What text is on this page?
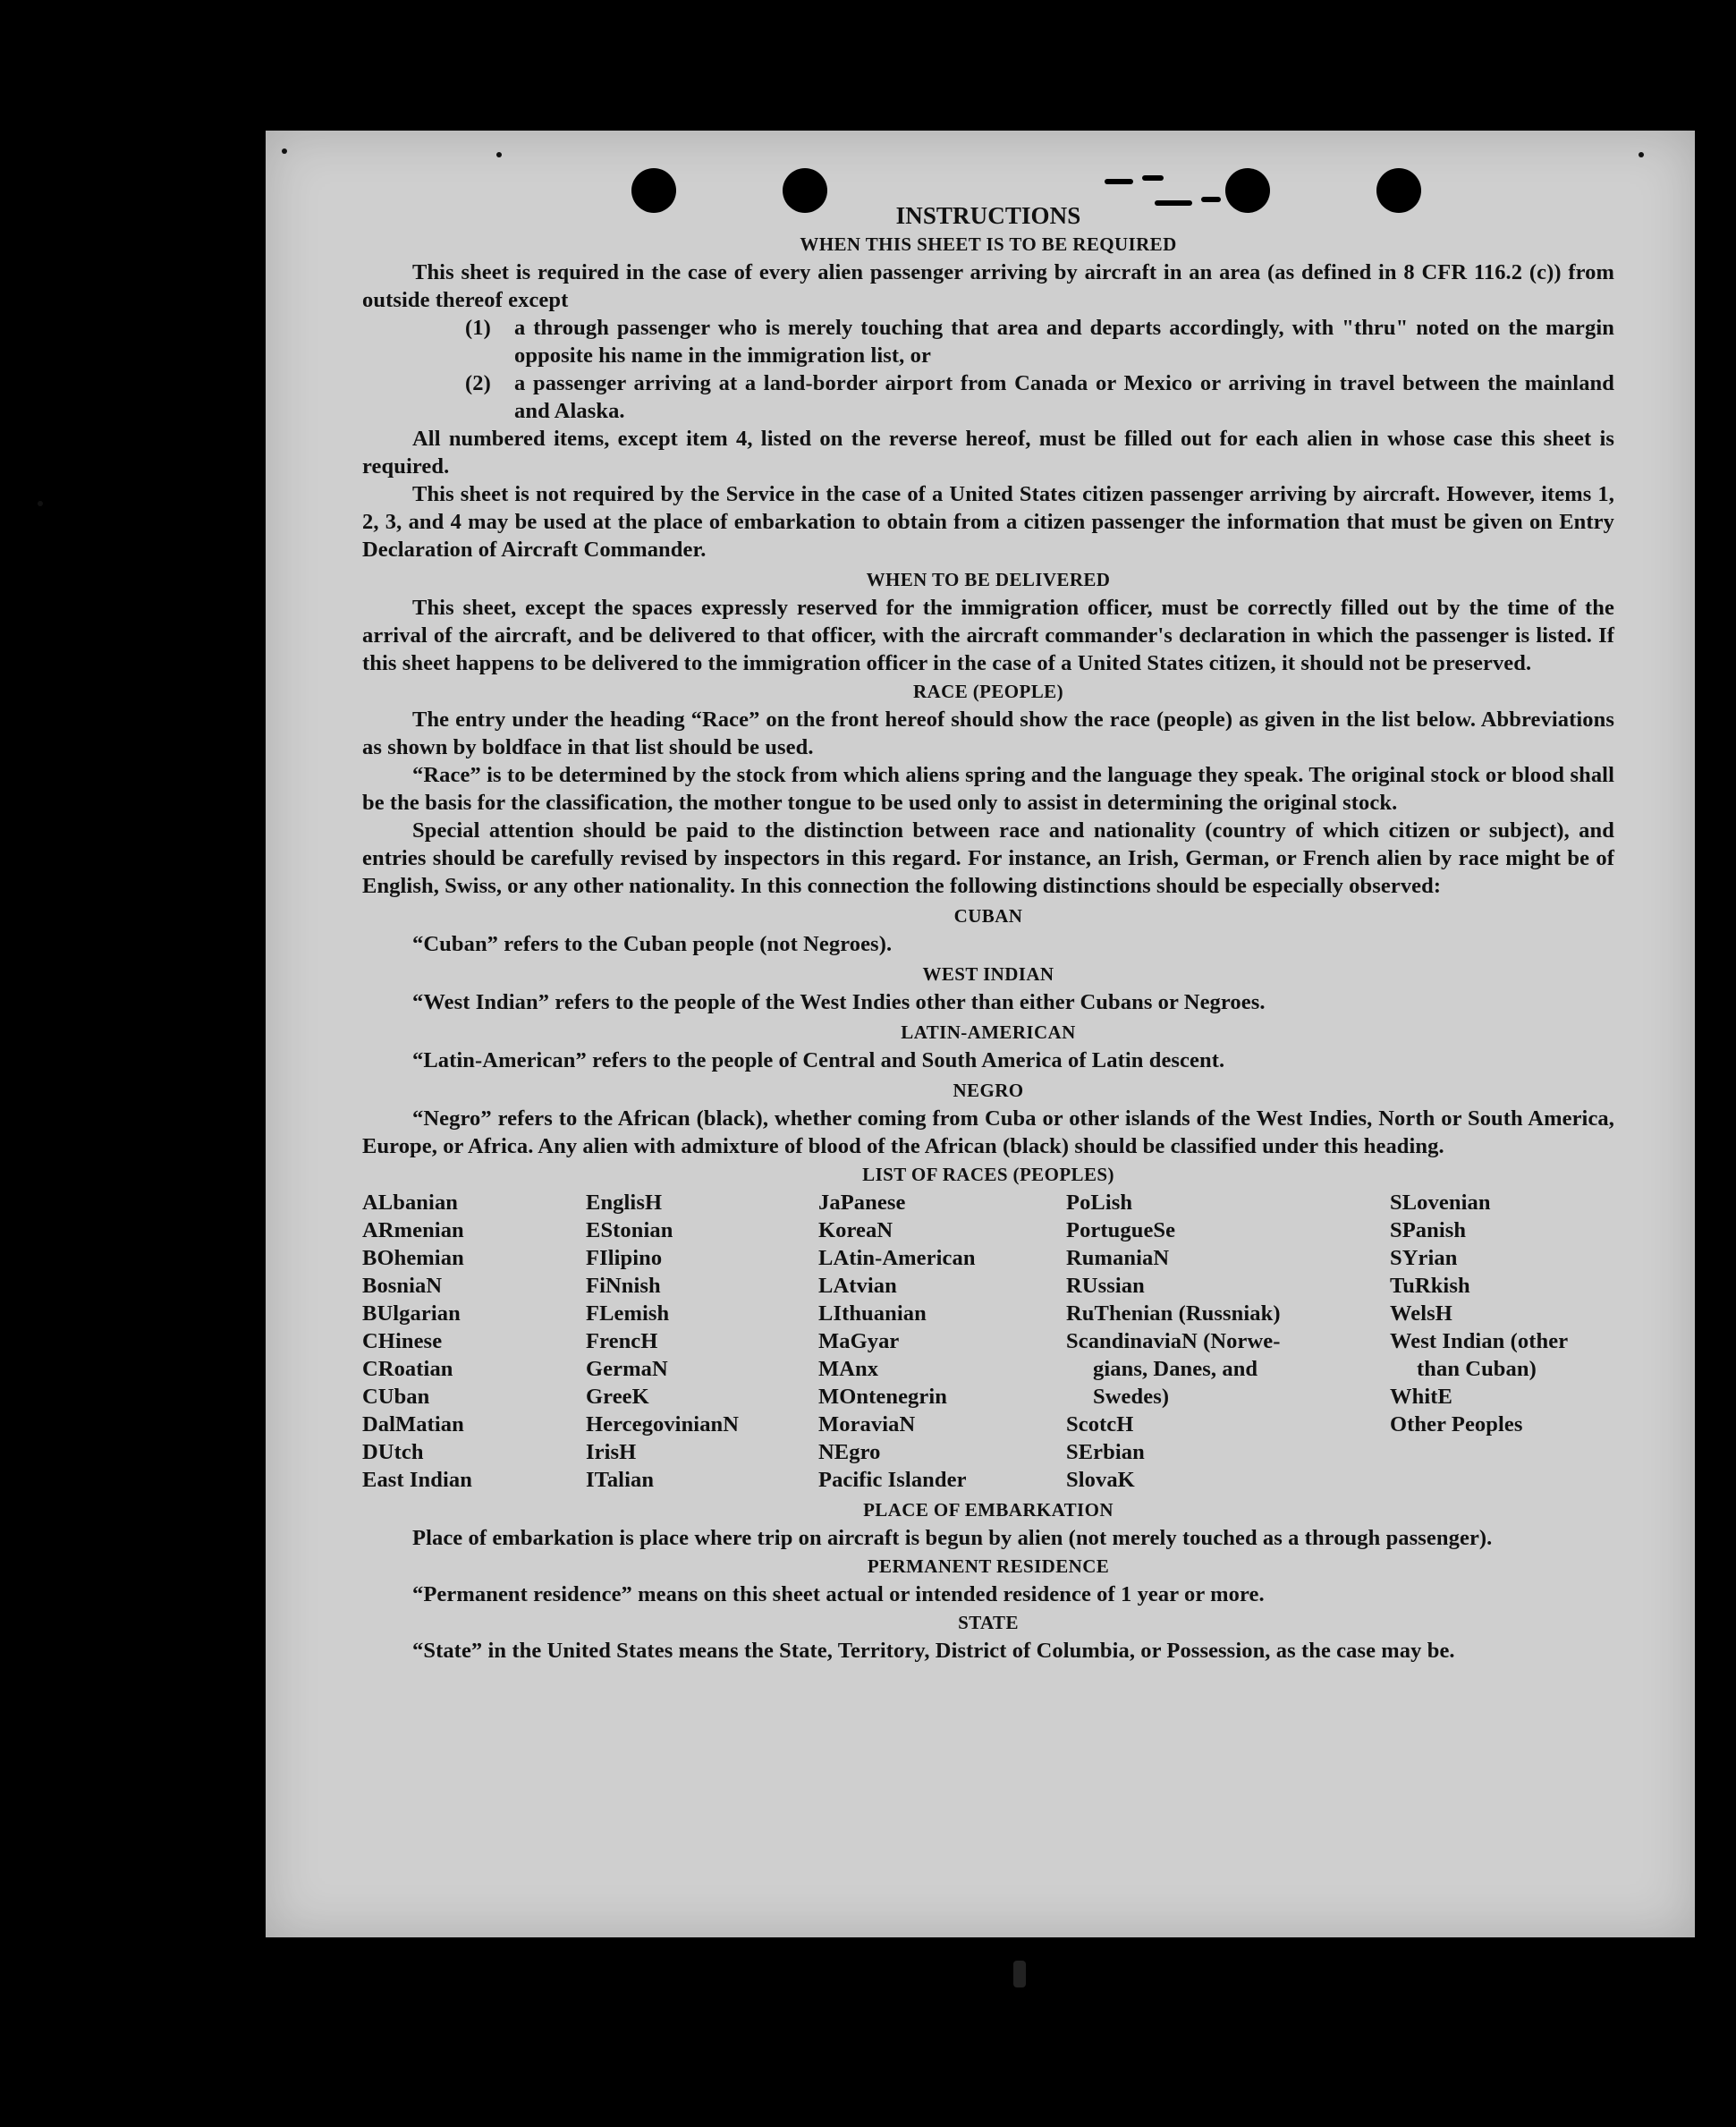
INSTRUCTIONS
WHEN THIS SHEET IS TO BE REQUIRED

This sheet is required in the case of every alien passenger arriving by aircraft in an area (as defined in 8 CFR 116.2 (c)) from outside thereof except

(1)	a through passenger who is merely touching that area and departs accordingly, with "thru" noted on the margin opposite his name in the immigration list, or
(2)	a passenger arriving at a land-border airport from Canada or Mexico or arriving in travel between the mainland and Alaska.

All numbered items, except item 4, listed on the reverse hereof, must be filled out for each alien in whose case this sheet is required.

This sheet is not required by the Service in the case of a United States citizen passenger arriving by aircraft. However, items 1, 2, 3, and 4 may be used at the place of embarkation to obtain from a citizen passenger the information that must be given on Entry Declaration of Aircraft Commander.

WHEN TO BE DELIVERED

This sheet, except the spaces expressly reserved for the immigration officer, must be correctly filled out by the time of the arrival of the aircraft, and be delivered to that officer, with the aircraft commander's declaration in which the passenger is listed. If this sheet happens to be delivered to the immigration officer in the case of a United States citizen, it should not be preserved.

RACE (PEOPLE)

The entry under the heading “Race” on the front hereof should show the race (people) as given in the list below. Abbreviations as shown by boldface in that list should be used.

“Race” is to be determined by the stock from which aliens spring and the language they speak. The original stock or blood shall be the basis for the classification, the mother tongue to be used only to assist in determining the original stock.

Special attention should be paid to the distinction between race and nationality (country of which citizen or subject), and entries should be carefully revised by inspectors in this regard. For instance, an Irish, German, or French alien by race might be of English, Swiss, or any other nationality. In this connection the following distinctions should be especially observed:

CUBAN

“Cuban” refers to the Cuban people (not Negroes).

WEST INDIAN

“West Indian” refers to the people of the West Indies other than either Cubans or Negroes.

LATIN-AMERICAN

“Latin-American” refers to the people of Central and South America of Latin descent.

NEGRO

“Negro” refers to the African (black), whether coming from Cuba or other islands of the West Indies, North or South America, Europe, or Africa. Any alien with admixture of blood of the African (black) should be classified under this heading.

LIST OF RACES (PEOPLES)
ALbanian
ARmenian
BOhemian
BosniaN
BUlgarian
CHinese
CRoatian
CUban
DalMatian
DUtch
East Indian
EnglisH
EStonian
FIlipino
FiNnish
FLemish
FrencH
GermaN
GreeK
HercegovinianN
IrisH
ITalian
JaPanese
KoreaN
LAtin-American
LAtvian
LIthuanian
MaGyar
MAnx
MOntenegrin
MoraviaN
NEgro
Pacific Islander
PoLish
PortugueSe
RumaniaN
RUssian
RuThenian (Russniak)
ScandinaviaN (Norwe-
gians, Danes, and
Swedes)
ScotcH
SErbian
SlovaK
SLovenian
SPanish
SYrian
TuRkish
WelsH
West Indian (other
than Cuban)
WhitE
Other Peoples
PLACE OF EMBARKATION

Place of embarkation is place where trip on aircraft is begun by alien (not merely touched as a through passenger).

PERMANENT RESIDENCE

“Permanent residence” means on this sheet actual or intended residence of 1 year or more.

STATE

“State” in the United States means the State, Territory, District of Columbia, or Possession, as the case may be.
